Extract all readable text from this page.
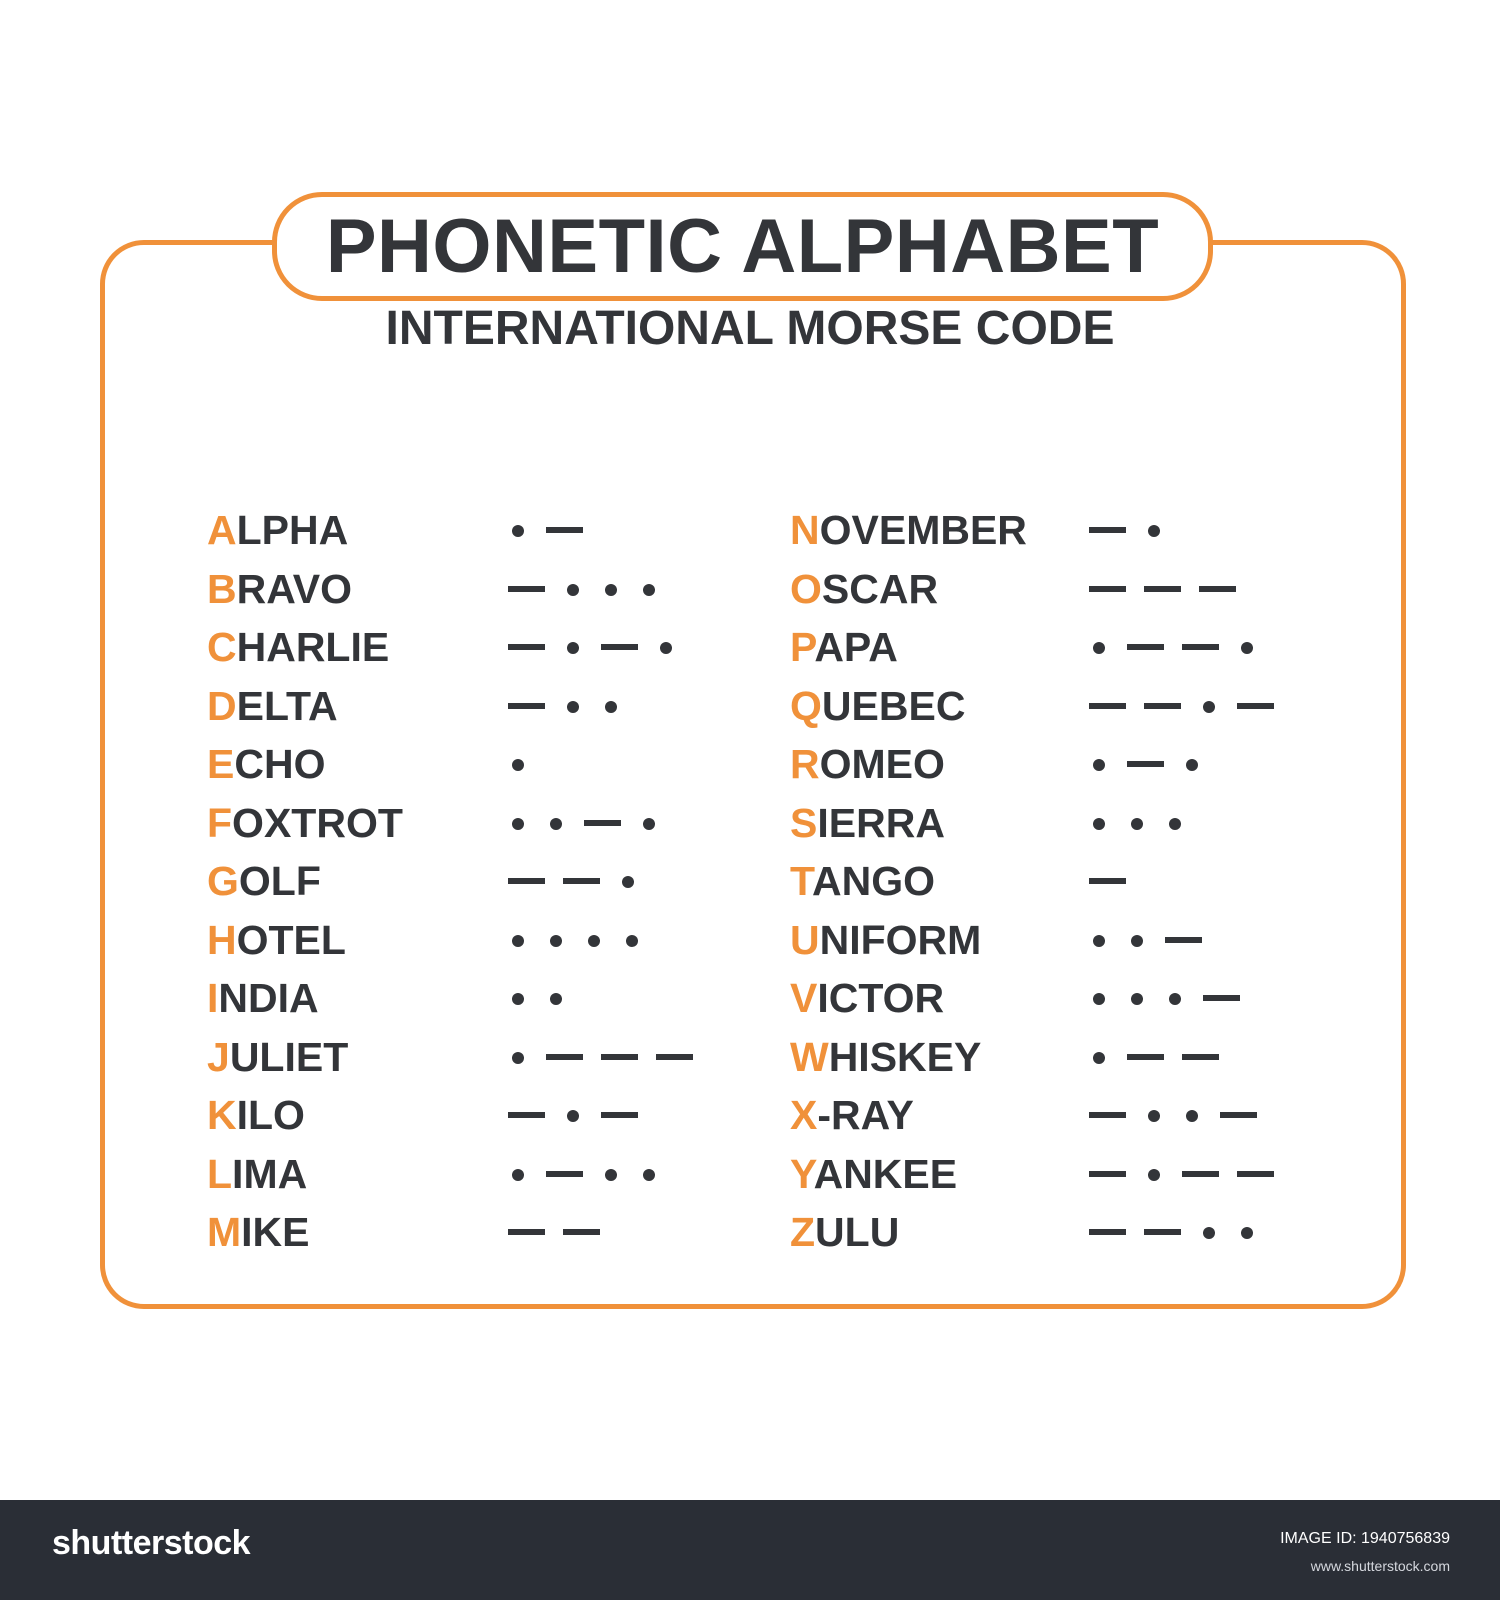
PHONETIC ALPHABET
INTERNATIONAL MORSE CODE
ALPHA
BRAVO
CHARLIE
DELTA
ECHO
FOXTROT
GOLF
HOTEL
INDIA
JULIET
KILO
LIMA
MIKE
NOVEMBER
OSCAR
PAPA
QUEBEC
ROMEO
SIERRA
TANGO
UNIFORM
VICTOR
WHISKEY
X-RAY
YANKEE
ZULU
shutterstock	IMAGE ID: 1940756839
www.shutterstock.com
